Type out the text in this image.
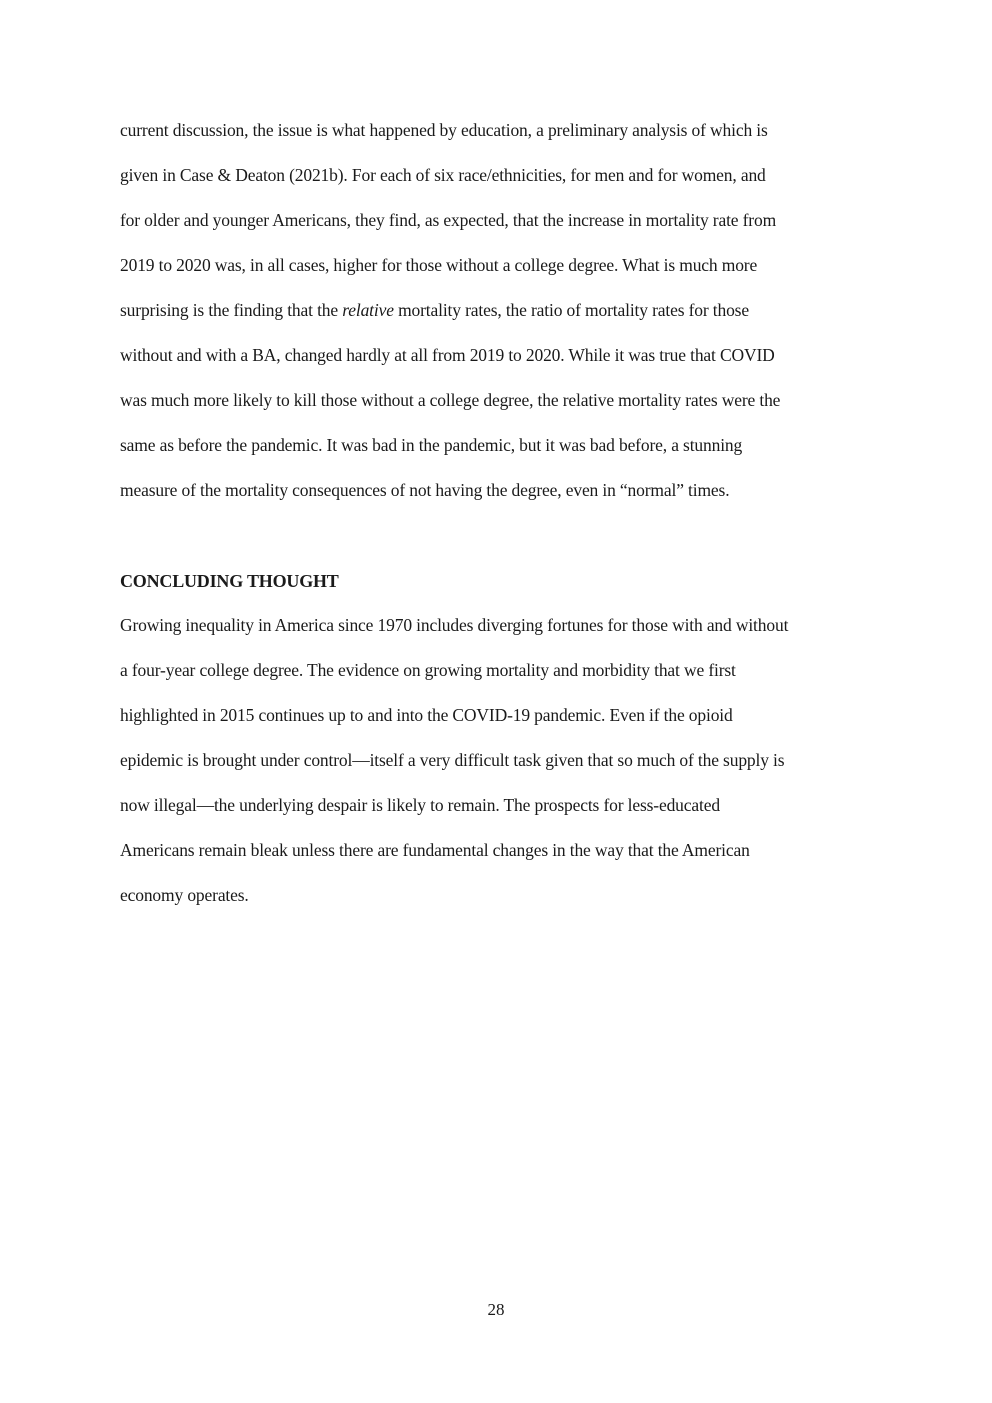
current discussion, the issue is what happened by education, a preliminary analysis of which is
given in Case & Deaton (2021b). For each of six race/ethnicities, for men and for women, and
for older and younger Americans, they find, as expected, that the increase in mortality rate from
2019 to 2020 was, in all cases, higher for those without a college degree. What is much more
surprising is the finding that the relative mortality rates, the ratio of mortality rates for those
without and with a BA, changed hardly at all from 2019 to 2020. While it was true that COVID
was much more likely to kill those without a college degree, the relative mortality rates were the
same as before the pandemic. It was bad in the pandemic, but it was bad before, a stunning
measure of the mortality consequences of not having the degree, even in “normal” times.

CONCLUDING THOUGHT

Growing inequality in America since 1970 includes diverging fortunes for those with and without
a four-year college degree. The evidence on growing mortality and morbidity that we first
highlighted in 2015 continues up to and into the COVID-19 pandemic. Even if the opioid
epidemic is brought under control—itself a very difficult task given that so much of the supply is
now illegal—the underlying despair is likely to remain. The prospects for less-educated
Americans remain bleak unless there are fundamental changes in the way that the American
economy operates.

28
